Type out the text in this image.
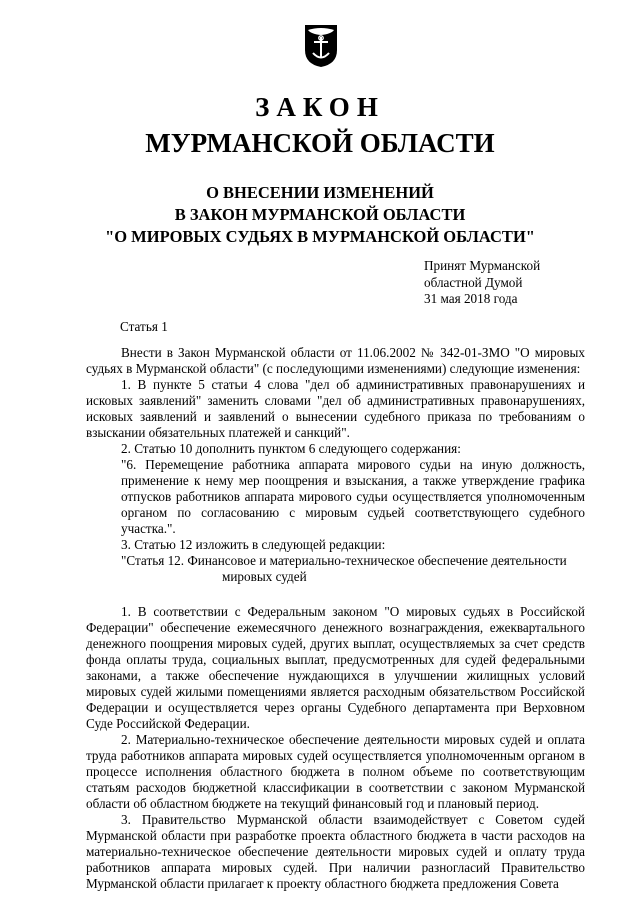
ЗАКОН
МУРМАНСКОЙ ОБЛАСТИ
О ВНЕСЕНИИ ИЗМЕНЕНИЙ
В ЗАКОН МУРМАНСКОЙ ОБЛАСТИ
"О МИРОВЫХ СУДЬЯХ В МУРМАНСКОЙ ОБЛАСТИ"
Принят Мурманской
областной Думой
31 мая 2018 года
Статья 1

Внести в Закон Мурманской области от 11.06.2002 № 342-01-ЗМО "О мировых судьях в Мурманской области" (с последующими изменениями) следующие изменения:

1. В пункте 5 статьи 4 слова "дел об административных правонарушениях и исковых заявлений" заменить словами "дел об административных правонарушениях, исковых заявлений и заявлений о вынесении судебного приказа по требованиям о взыскании обязательных платежей и санкций".

2. Статью 10 дополнить пунктом 6 следующего содержания:

"6. Перемещение работника аппарата мирового судьи на иную должность, применение к нему мер поощрения и взыскания, а также утверждение графика отпусков работников аппарата мирового судьи осуществляется уполномоченным органом по согласованию с мировым судьей соответствующего судебного участка.".

3. Статью 12 изложить в следующей редакции:

"Статья 12. Финансовое и материально-техническое обеспечение деятельности

мировых судей

1. В соответствии с Федеральным законом "О мировых судьях в Российской Федерации" обеспечение ежемесячного денежного вознаграждения, ежеквартального денежного поощрения мировых судей, других выплат, осуществляемых за счет средств фонда оплаты труда, социальных выплат, предусмотренных для судей федеральными законами, а также обеспечение нуждающихся в улучшении жилищных условий мировых судей жилыми помещениями является расходным обязательством Российской Федерации и осуществляется через органы Судебного департамента при Верховном Суде Российской Федерации.

2. Материально-техническое обеспечение деятельности мировых судей и оплата труда работников аппарата мировых судей осуществляется уполномоченным органом в процессе исполнения областного бюджета в полном объеме по соответствующим статьям расходов бюджетной классификации в соответствии с законом Мурманской области об областном бюджете на текущий финансовый год и плановый период.

3. Правительство Мурманской области взаимодействует с Советом судей Мурманской области при разработке проекта областного бюджета в части расходов на материально-техническое обеспечение деятельности мировых судей и оплату труда работников аппарата мировых судей. При наличии разногласий Правительство Мурманской области прилагает к проекту областного бюджета предложения Совета
